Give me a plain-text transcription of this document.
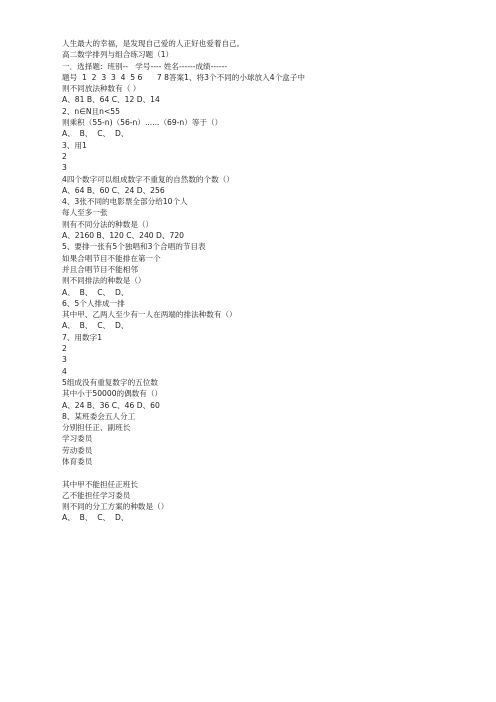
人生最大的幸福，是发现自己爱的人正好也爱着自己。
高二数学排列与组合练习题（1）
一．选择题:  班别--   学号---- 姓名------成绩------
题号  1  2  3  3  4  5 6      7 8答案1、将3个不同的小球放入4个盒子中
则不同放法种数有（ ）
A、81 B、64 C、12 D、14
2、n∈N且n<55
则乘积（55-n)（56-n）......（69-n）等于（）
A、  B、  C、  D、
3、用1
2
3
4四个数字可以组成数字不重复的自然数的个数（）
A、64 B、60 C、24 D、256
4、3张不同的电影票全部分给10个人
每人至多一张
则有不同分法的种数是（）
A、2160 B、120 C、240 D、720
5、要排一张有5个独唱和3个合唱的节目表
如果合唱节目不能排在第一个
并且合唱节目不能相邻
则不同排法的种数是（）
A、  B、  C、  D、
6、5个人排成一排
其中甲、乙两人至少有一人在两端的排法种数有（）
A、  B、  C、  D、
7、用数字1
2
3
4
5组成没有重复数字的五位数
其中小于50000的偶数有（）
A、24 B、36 C、46 D、60
8、某班委会五人分工
分别担任正、副班长
学习委员
劳动委员
体育委员
其中甲不能担任正班长
乙不能担任学习委员
则不同的分工方案的种数是（）
A、  B、  C、  D、
